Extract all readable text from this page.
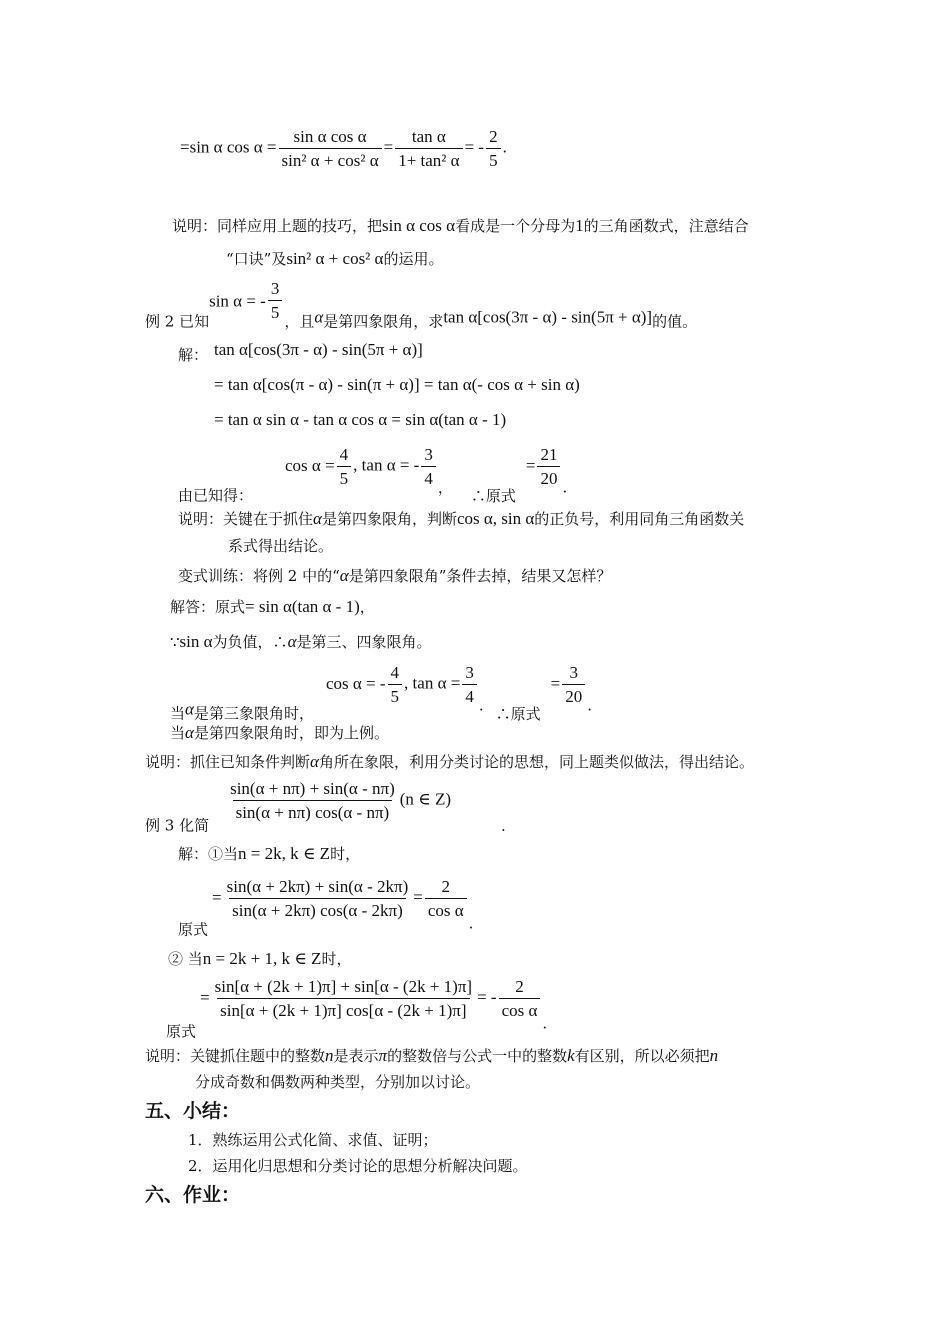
=sin α $\cos \alpha = \frac{\text{sin α cos α}}{\text{sin² α + cos² α}} = \frac{\text{tan α}}{\text{1+ tan² α}}$ = - $\frac{2}{5}$ .
说明：同样应用上题的技巧，把sin α cos α看成是一个分母为1的三角函数式，注意结合
“口诀”及sin² α + cos² α的运用。
例 2 已知sin α = - $\frac{3}{5}$
，且α是第四象限角，求tan α[cos(3π - α) - sin(5π + α)]的值。
解： tan α[cos(3π - α) - sin(5π + α)]
= tan α[cos(π - α) - sin(π + α)] = tan α(- cos α + sin α)
= tan α sin α - tan α cos α = sin α(tan α - 1)
由已知得：$\cos \alpha = \frac{4}{5}$ , tan α = - $\frac{3}{4}$
， ∴原式= $\frac{21}{20}$
.
说明：关键在于抓住α是第四象限角，判断cos α, sin α的正负号，利用同角三角函数关
系式得出结论。
变式训练：将例 2 中的“α是第四象限角”条件去掉，结果又怎样？
解答：原式= sin α(tan α - 1)，
∵sin α为负值，∴α是第三、四象限角。
当α是第三象限角时，cos α = - $\frac{4}{5}$ , $\tan \alpha = \frac{3}{4}$
. ∴原式= $\frac{3}{20}$
.
当α是第四象限角时，即为上例。
说明：抓住已知条件判断α角所在象限，利用分类讨论的思想，同上题类似做法，得出结论。
例 3 化简
$\frac{\sin(\alpha + n\pi) + \sin(\alpha - n\pi)}{\sin(\alpha + n\pi) \cos(\alpha - n\pi)} (n$ ∈ Z).
解：①当n = 2k, k ∈ Z时，
原式= $\frac{\sin(\alpha + 2k\pi) + \sin(\alpha - 2k\pi)}{\sin(\alpha + 2k\pi) \cos(\alpha - 2k\pi)} = \frac{2}{\text{cos α}}$
.
② 当n = 2k + 1, k ∈ Z时，
原式= $\frac{\sin[\alpha + (2k + 1)\pi] + \sin[\alpha - (2k + 1)\pi]}{\sin[\alpha + (2k + 1)\pi] \cos[\alpha - (2k + 1)\pi]}$ = - $\frac{2}{\text{cos α}}$
.
说明：关键抓住题中的整数n是表示π的整数倍与公式一中的整数k有区别，所以必须把n
分成奇数和偶数两种类型，分别加以讨论。
五、小结：
1．熟练运用公式化简、求值、证明；
2．运用化归思想和分类讨论的思想分析解决问题。
六、作业：
